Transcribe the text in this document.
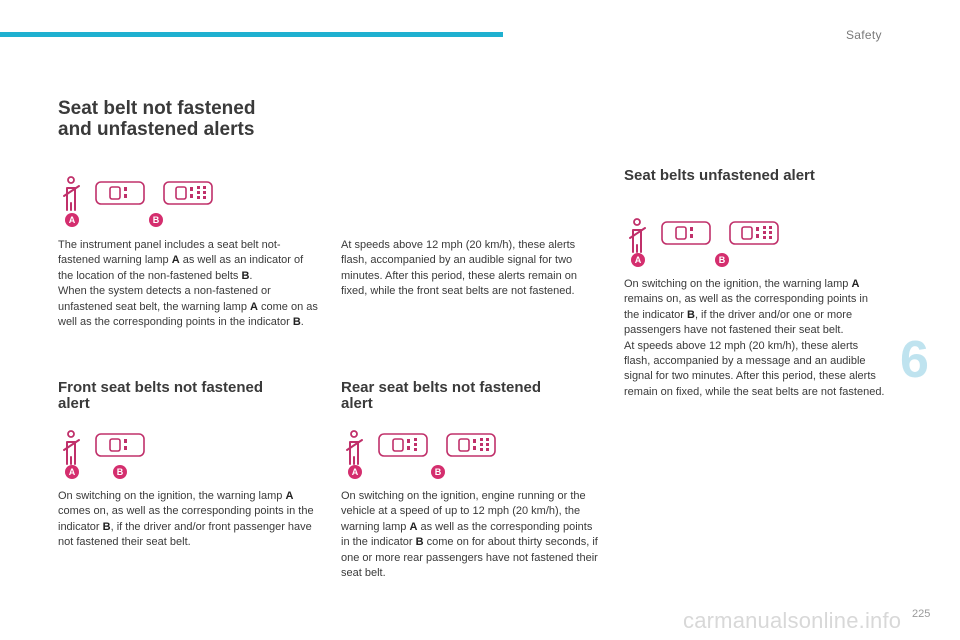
Safety
6
carmanualsonline.info 225
Seat belt not fastened
and unfastened alerts
A	B
The instrument panel includes a seat belt not-fastened warning lamp A as well as an indicator of the location of the non-fastened belts B.
When the system detects a non-fastened or unfastened seat belt, the warning lamp A come on as well as the corresponding points in the indicator B.
At speeds above 12 mph (20 km/h), these alerts flash, accompanied by an audible signal for two minutes. After this period, these alerts remain on fixed, while the front seat belts are not fastened.
Front seat belts not fastened
alert
A	B
On switching on the ignition, the warning lamp A comes on, as well as the corresponding points in the indicator B, if the driver and/or front passenger have not fastened their seat belt.
Rear seat belts not fastened
alert
A	B
On switching on the ignition, engine running or the vehicle at a speed of up to 12 mph (20 km/h), the warning lamp A as well as the corresponding points in the indicator B come on for about thirty seconds, if one or more rear passengers have not fastened their seat belt.
Seat belts unfastened alert
A	B
On switching on the ignition, the warning lamp A remains on, as well as the corresponding points in the indicator B, if the driver and/or one or more passengers have not fastened their seat belt.
At speeds above 12 mph (20 km/h), these alerts flash, accompanied by a message and an audible signal for two minutes. After this period, these alerts remain on fixed, while the seat belts are not fastened.
